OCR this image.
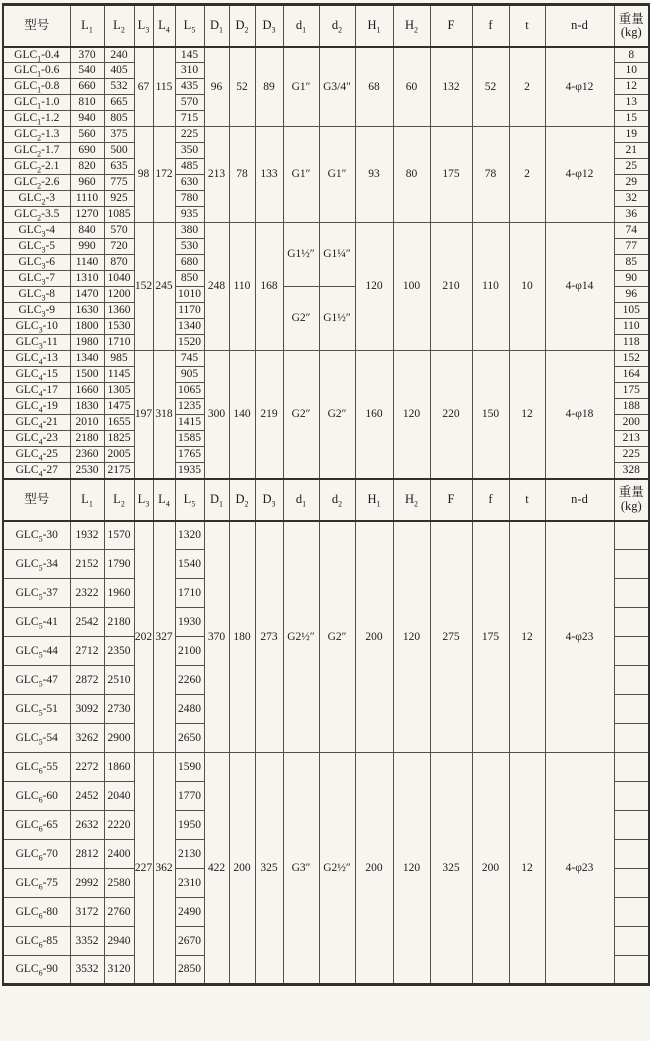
型号	$L_1$	$L_2$	$L_3$	$L_4$	$L_5$	$D_1$	$D_2$	$D_3$	$d_1$	$d_2$	$H_1$	$H_2$	F	f	t	n-d	重量
(kg)
$GLC_1-0.4$	370	240	67	115	145	96	52	89	G1″	G3/4″	68	60	132	52	2	4-φ12	8
$GLC_1-0.6$	540	405			310												10
$GLC_1-0.8$	660	532			435												12
$GLC_1-1.0$	810	665			570												13
$GLC_1-1.2$	940	805			715												15
$GLC_2-1.3$	560	375	98	172	225	213	78	133	G1″	G1″	93	80	175	78	2	4-φ12	19
$GLC_2-1.7$	690	500			350												21
$GLC_2-2.1$	820	635			485												25
$GLC_2-2.6$	960	775			630												29
$GLC_2-3$	1110	925			780												32
$GLC_2-3.5$	1270	1085			935												36
$GLC_3-4$	840	570	152	245	380	248	110	168	G1½″	G1¼″	120	100	210	110	10	4-φ14	74
$GLC_3-5$	990	720			530												77
$GLC_3-6$	1140	870			680												85
$GLC_3-7$	1310	1040			850												90
$GLC_3-8$	1470	1200			1010				G2″	G1½″							96
$GLC_3-9$	1630	1360			1170												105
$GLC_3-10$	1800	1530			1340												110
$GLC_3-11$	1980	1710			1520												118
$GLC_4-13$	1340	985	197	318	745	300	140	219	G2″	G2″	160	120	220	150	12	4-φ18	152
$GLC_4-15$	1500	1145			905												164
$GLC_4-17$	1660	1305			1065												175
$GLC_4-19$	1830	1475			1235												188
$GLC_4-21$	2010	1655			1415												200
$GLC_4-23$	2180	1825			1585												213
$GLC_4-25$	2360	2005			1765												225
$GLC_4-27$	2530	2175			1935												328
型号	$L_1$	$L_2$	$L_3$	$L_4$	$L_5$	$D_1$	$D_2$	$D_3$	$d_1$	$d_2$	$H_1$	$H_2$	F	f	t	n-d	重量
(kg)
$GLC_5-30$	1932	1570	202	327	1320	370	180	273	G2½″	G2″	200	120	275	175	12	4-φ23	
$GLC_5-34$	2152	1790			1540												
$GLC_5-37$	2322	1960			1710												
$GLC_5-41$	2542	2180			1930												
$GLC_5-44$	2712	2350			2100												
$GLC_5-47$	2872	2510			2260												
$GLC_5-51$	3092	2730			2480												
$GLC_5-54$	3262	2900			2650												
$GLC_6-55$	2272	1860	227	362	1590	422	200	325	G3″	G2½″	200	120	325	200	12	4-φ23	
$GLC_6-60$	2452	2040			1770												
$GLC_6-65$	2632	2220			1950												
$GLC_6-70$	2812	2400			2130												
$GLC_6-75$	2992	2580			2310												
$GLC_6-80$	3172	2760			2490												
$GLC_6-85$	3352	2940			2670												
$GLC_6-90$	3532	3120			2850												
